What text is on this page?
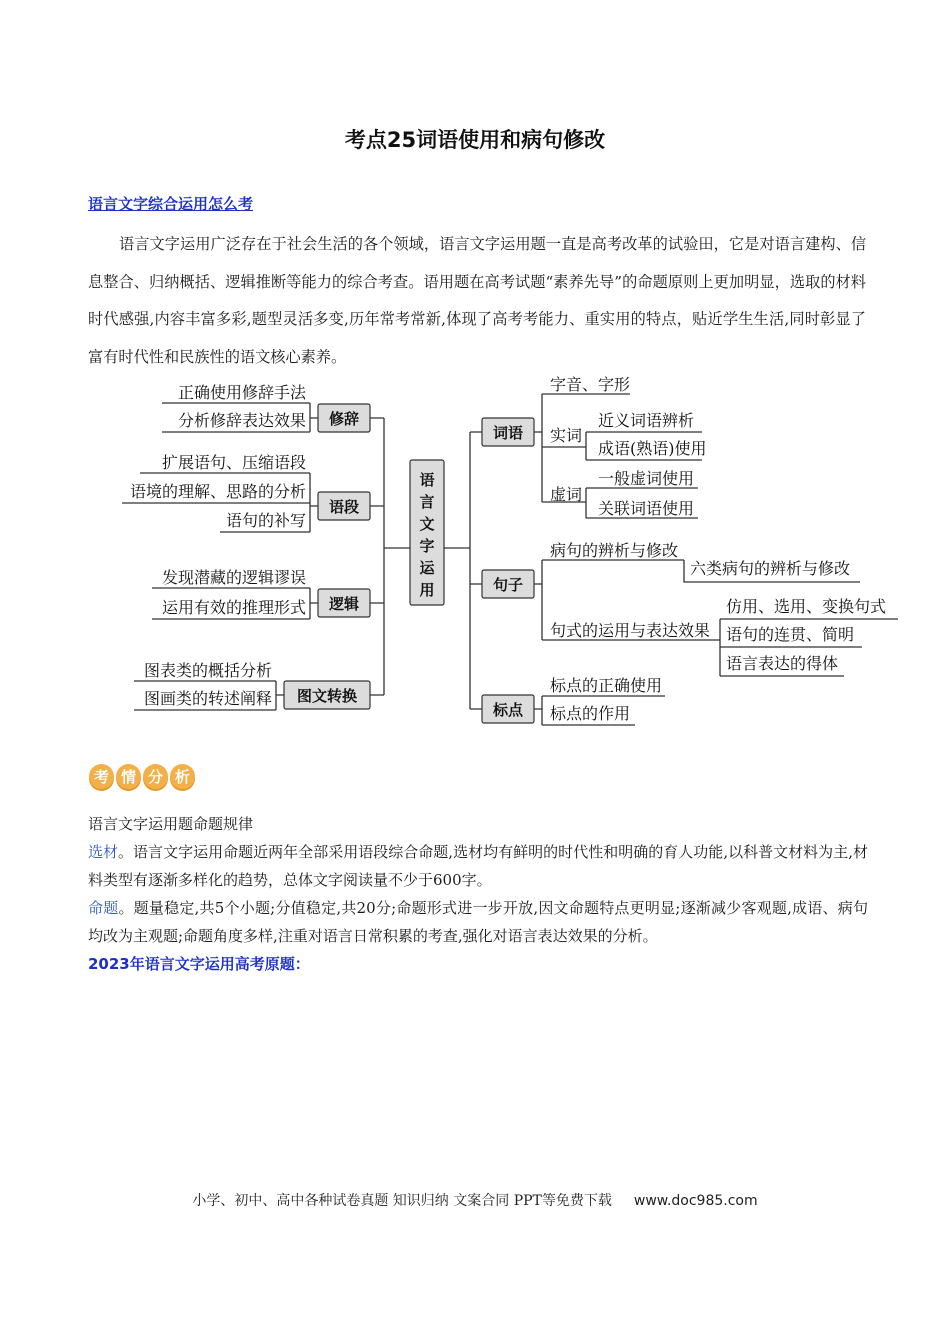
考点25词语使用和病句修改
语言文字综合运用怎么考

语言文字运用广泛存在于社会生活的各个领域，语言文字运用题一直是高考改革的试验田，它是对语言建构、信息整合、归纳概括、逻辑推断等能力的综合考查。语用题在高考试题“素养先导”的命题原则上更加明显，选取的材料时代感强,内容丰富多彩,题型灵活多变,历年常考常新,体现了高考考能力、重实用的特点，贴近学生生活,同时彰显了富有时代性和民族性的语文核心素养。

语
言
文
字
运
用
修辞
语段
逻辑
图文转换
正确使用修辞手法
分析修辞表达效果
扩展语句、压缩语段
语境的理解、思路的分析
语句的补写
发现潜藏的逻辑谬误
运用有效的推理形式
图表类的概括分析
图画类的转述阐释
词语
句子
标点
字音、字形
实词
近义词语辨析
成语(熟语)使用
虚词
一般虚词使用
关联词语使用
病句的辨析与修改
六类病句的辨析与修改
句式的运用与表达效果
仿用、选用、变换句式
语句的连贯、简明
语言表达的得体
标点的正确使用
标点的作用
考 情 分 析

语言文字运用题命题规律

选材。语言文字运用命题近两年全部采用语段综合命题,选材均有鲜明的时代性和明确的育人功能,以科普文材料为主,材料类型有逐渐多样化的趋势，总体文字阅读量不少于600字。

命题。题量稳定,共5个小题;分值稳定,共20分;命题形式进一步开放,因文命题特点更明显;逐渐减少客观题,成语、病句均改为主观题;命题角度多样,注重对语言日常积累的考查,强化对语言表达效果的分析。

2023年语言文字运用高考原题：

小学、初中、高中各种试卷真题 知识归纳 文案合同 PPT等免费下载 www.doc985.com
